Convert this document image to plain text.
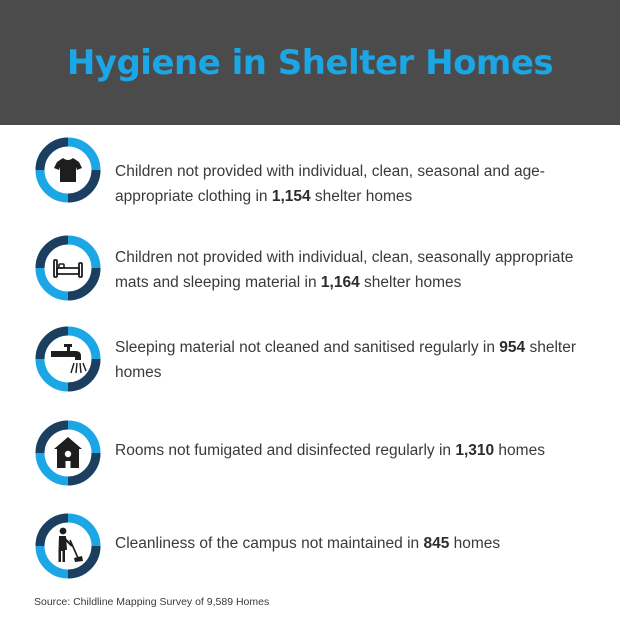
Hygiene in Shelter Homes
Children not provided with individual, clean, seasonal and age-appropriate clothing in 1,154 shelter homes
Children not provided with individual, clean, seasonally appropriate mats and sleeping material in 1,164 shelter homes
Sleeping material not cleaned and sanitised regularly in 954 shelter homes
Rooms not fumigated and disinfected regularly in 1,310 homes
Cleanliness of the campus not maintained in 845 homes
Source: Childline Mapping Survey of 9,589 Homes
